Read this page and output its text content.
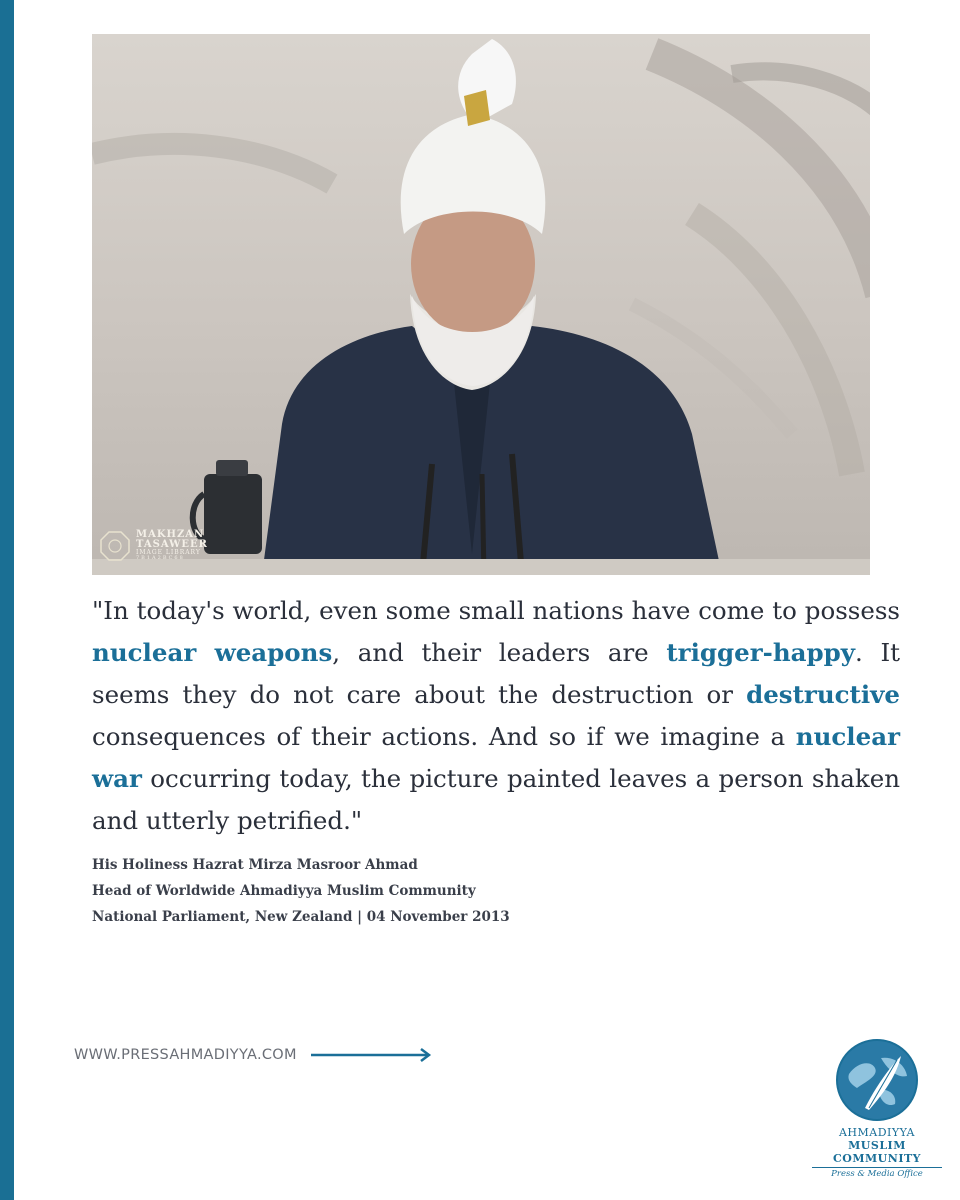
MAKHZAN
TASAWEER
IMAGE LIBRARY
7B1A2BC68

"In today's world, even some small nations have come to possess nuclear weapons, and their leaders are trigger-happy. It seems they do not care about the destruction or destructive consequences of their actions. And so if we imagine a nuclear war occurring today, the picture painted leaves a person shaken and utterly petrified."

His Holiness Hazrat Mirza Masroor Ahmad
Head of Worldwide Ahmadiyya Muslim Community
National Parliament, New Zealand | 04 November 2013
WWW.PRESSAHMADIYYA.COM
AHMADIYYA
MUSLIM COMMUNITY
Press & Media Office
